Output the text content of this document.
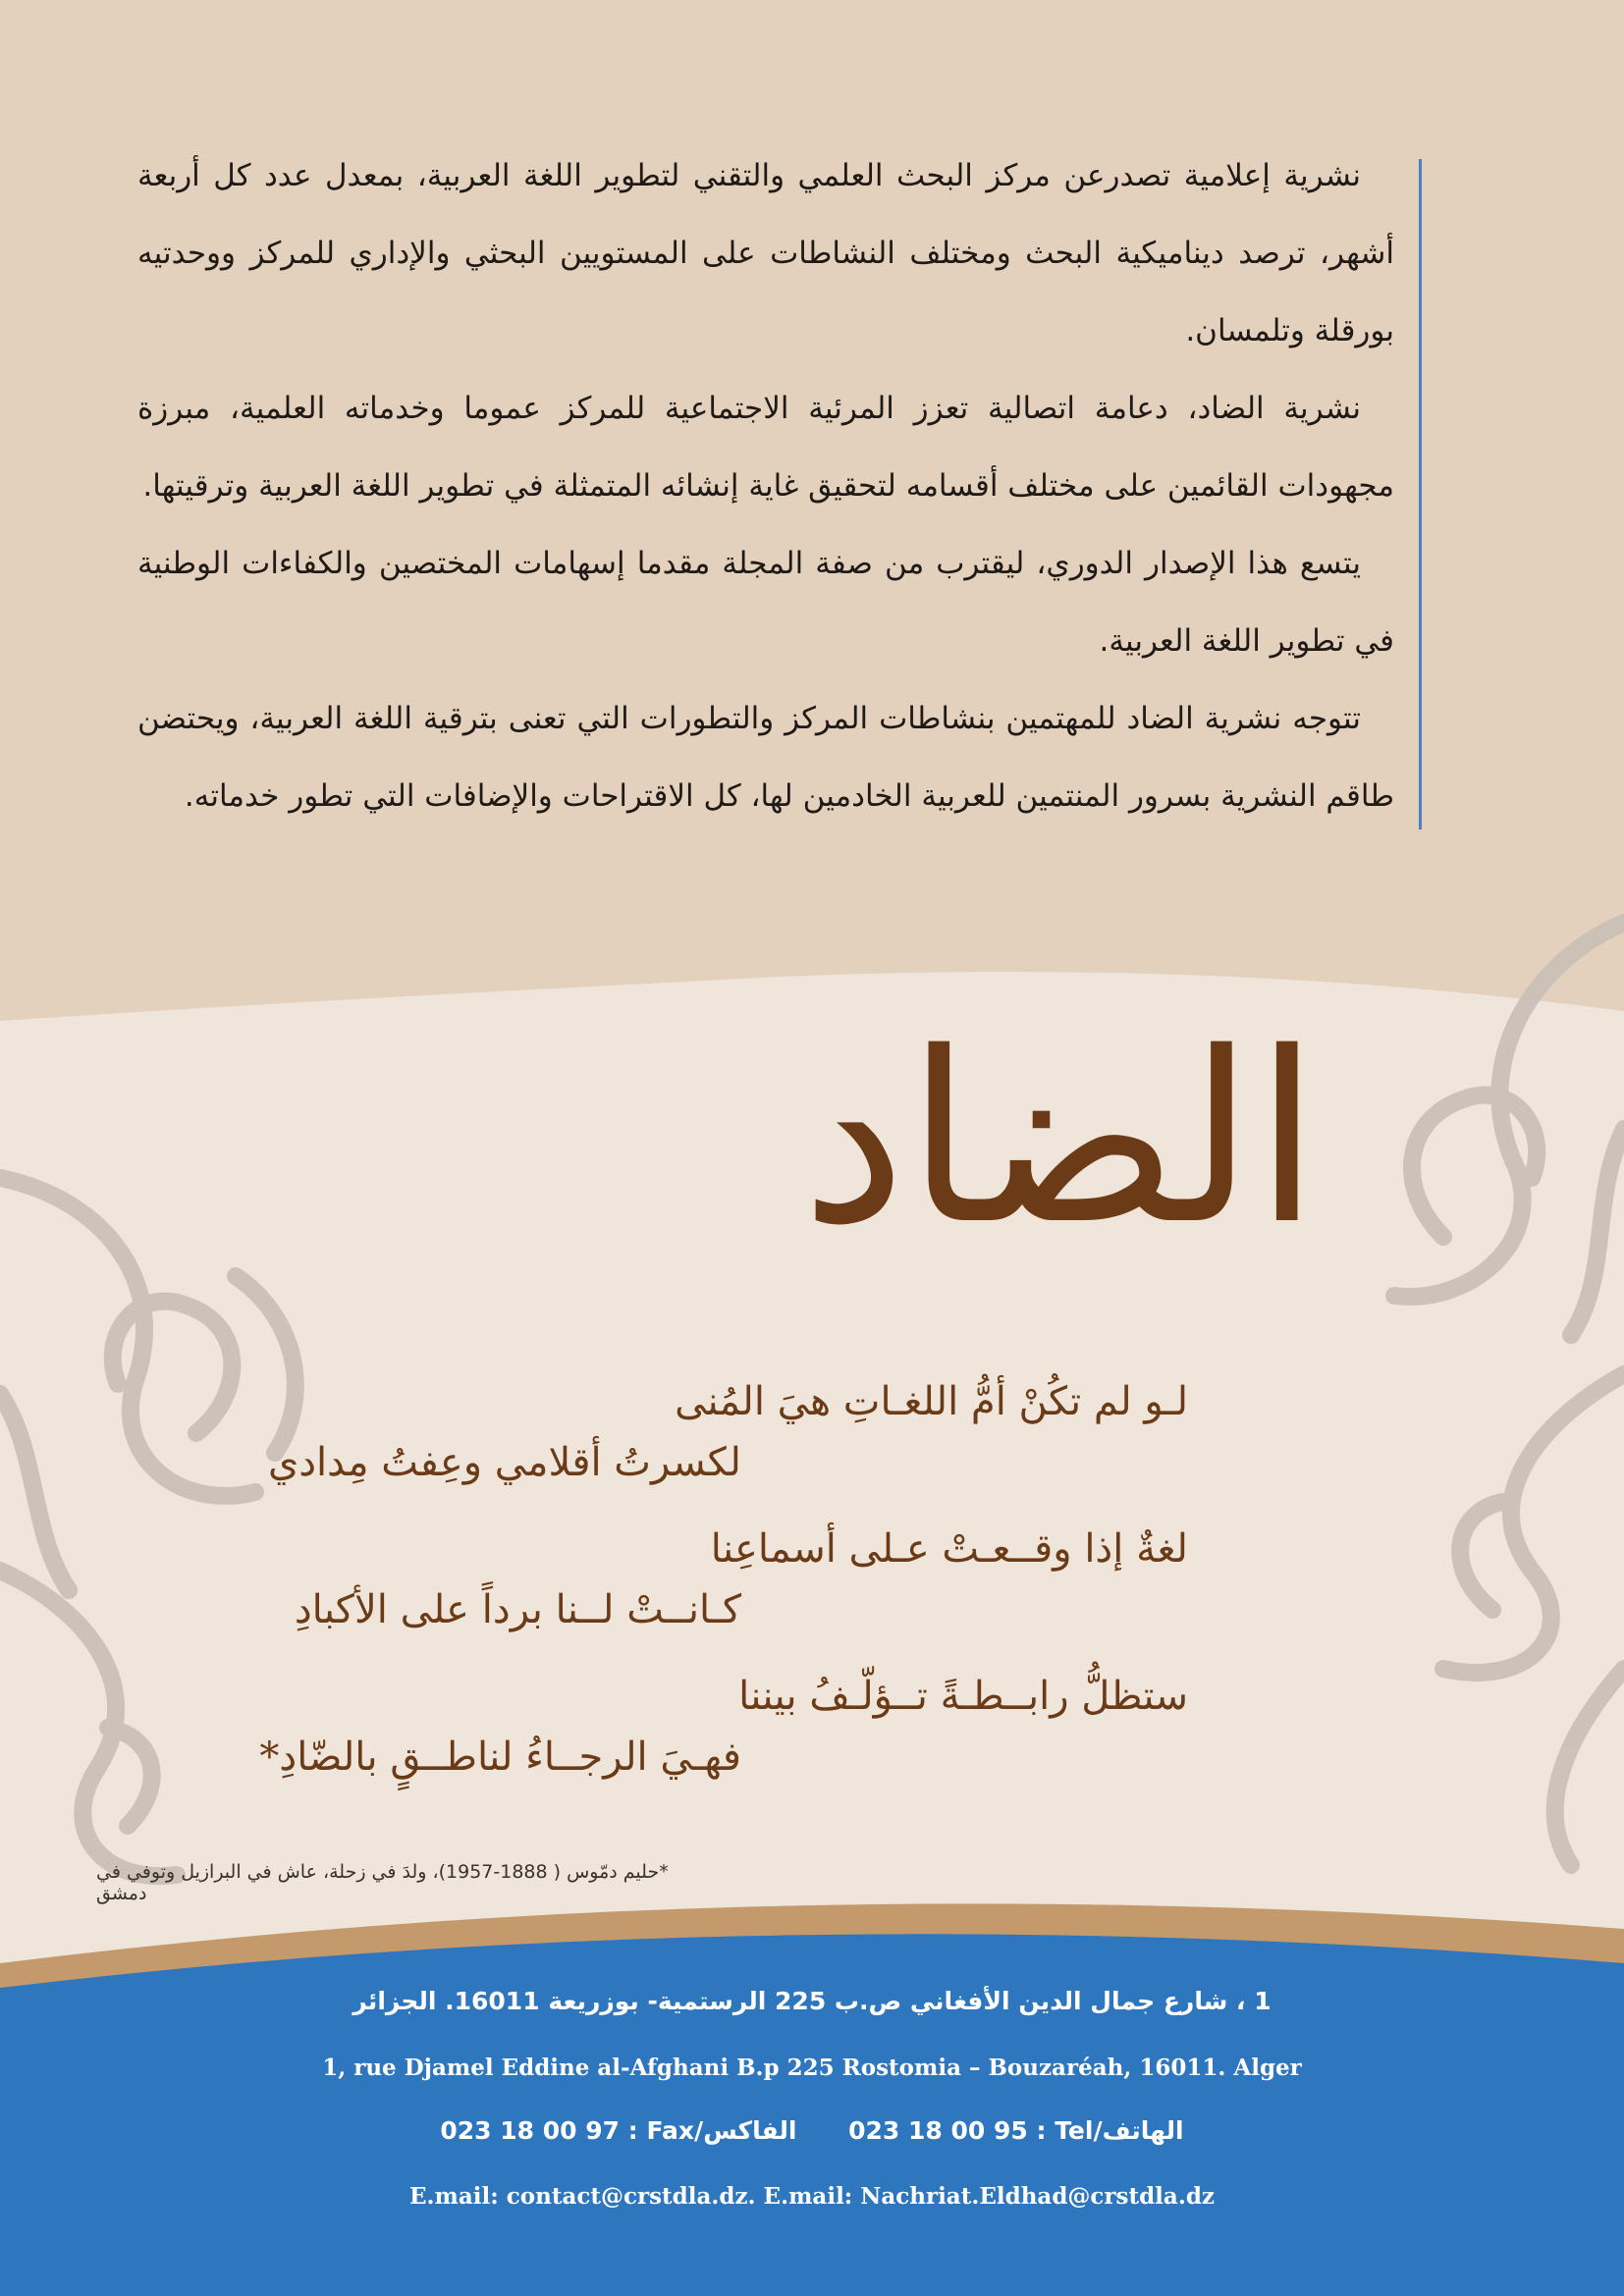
نشرية إعلامية تصدرعن مركز البحث العلمي والتقني لتطوير اللغة العربية، بمعدل عدد كل أربعة أشهر، ترصد ديناميكية البحث ومختلف النشاطات على المستويين البحثي والإداري للمركز ووحدتيه بورقلة وتلمسان.

نشرية الضاد، دعامة اتصالية تعزز المرئية الاجتماعية للمركز عموما وخدماته العلمية، مبرزة مجهودات القائمين على مختلف أقسامه لتحقيق غاية إنشائه المتمثلة في تطوير اللغة العربية وترقيتها.

يتسع هذا الإصدار الدوري، ليقترب من صفة المجلة مقدما إسهامات المختصين والكفاءات الوطنية في تطوير اللغة العربية.

تتوجه نشرية الضاد للمهتمين بنشاطات المركز والتطورات التي تعنى بترقية اللغة العربية، ويحتضن طاقم النشرية بسرور المنتمين للعربية الخادمين لها، كل الاقتراحات والإضافات التي تطور خدماته.

الضاد
لـو لم تكُنْ أمُّ اللغـاتِ هيَ المُنى
لكسرتُ أقلامي وعِفتُ مِدادي
لغةٌ إذا وقــعـتْ عـلى أسماعِنا
كـانــتْ لــنا برداً على الأكبادِ
ستظلُّ رابــطـةً تــؤلّـفُ بيننا
فهـيَ الرجــاءُ لناطــقٍ بالضّادِ*
*حليم دمّوس ( 1888-1957)، ولدَ في زحلة، عاش في البرازيل وتوفي في دمشق
1 ، شارع جمال الدين الأفغاني ص.ب 225 الرستمية- بوزريعة 16011. الجزائر
1, rue Djamel Eddine al-Afghani B.p 225 Rostomia – Bouzaréah, 16011. Alger
023 18 00 97 : Fax/الفاكس 023 18 00 95 : Tel/الهاتف
E.mail: contact@crstdla.dz. E.mail: Nachriat.Eldhad@crstdla.dz
